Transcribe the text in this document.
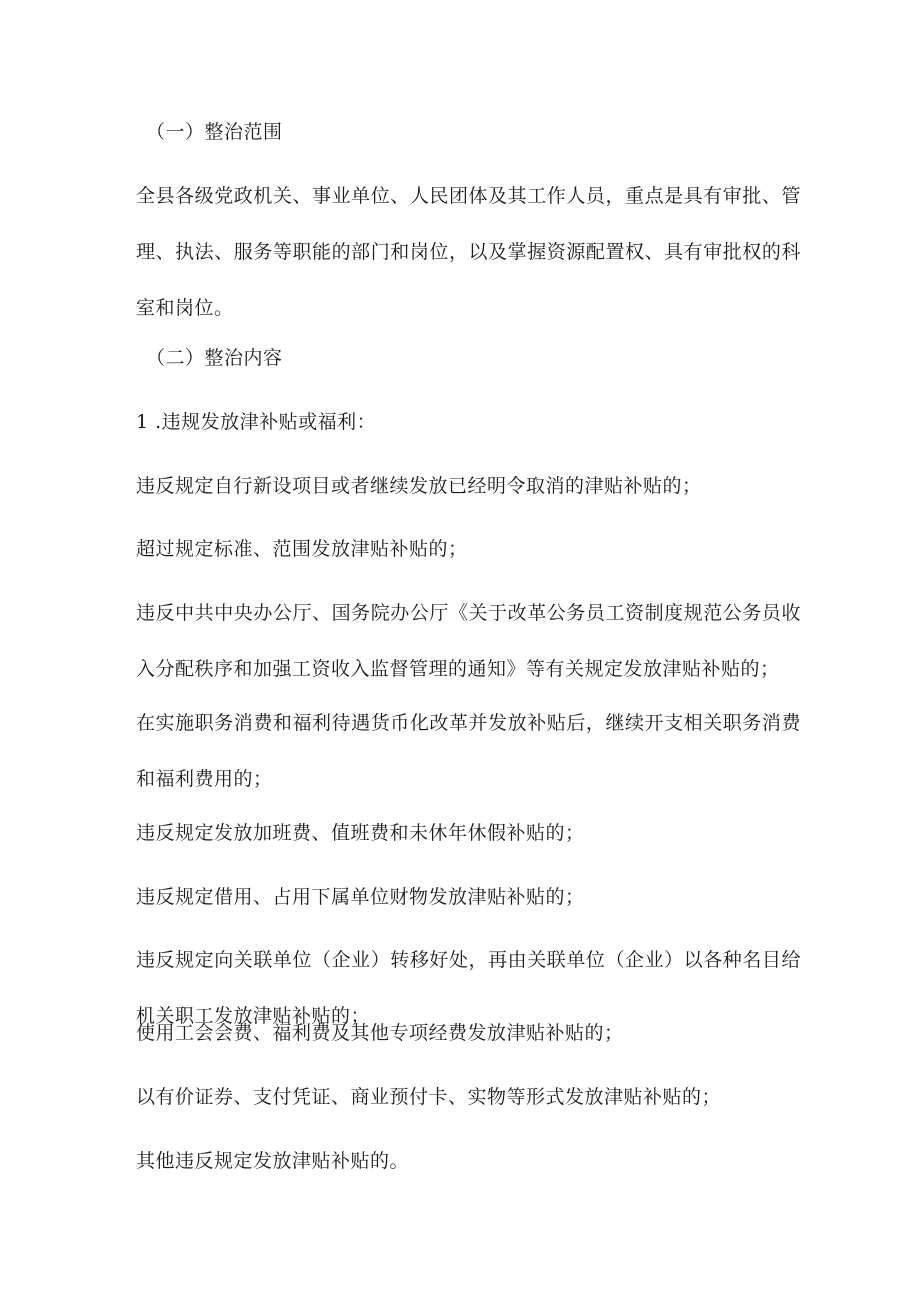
（一）整治范围

全县各级党政机关、事业单位、人民团体及其工作人员，重点是具有审批、管理、执法、服务等职能的部门和岗位，以及掌握资源配置权、具有审批权的科室和岗位。

（二）整治内容

1 .违规发放津补贴或福利：

违反规定自行新设项目或者继续发放已经明令取消的津贴补贴的；

超过规定标准、范围发放津贴补贴的；

违反中共中央办公厅、国务院办公厅《关于改革公务员工资制度规范公务员收入分配秩序和加强工资收入监督管理的通知》等有关规定发放津贴补贴的；

在实施职务消费和福利待遇货币化改革并发放补贴后，继续开支相关职务消费和福利费用的；

违反规定发放加班费、值班费和未休年休假补贴的；

违反规定借用、占用下属单位财物发放津贴补贴的；

违反规定向关联单位（企业）转移好处，再由关联单位（企业）以各种名目给机关职工发放津贴补贴的；

使用工会会费、福利费及其他专项经费发放津贴补贴的；

以有价证券、支付凭证、商业预付卡、实物等形式发放津贴补贴的；

其他违反规定发放津贴补贴的。
